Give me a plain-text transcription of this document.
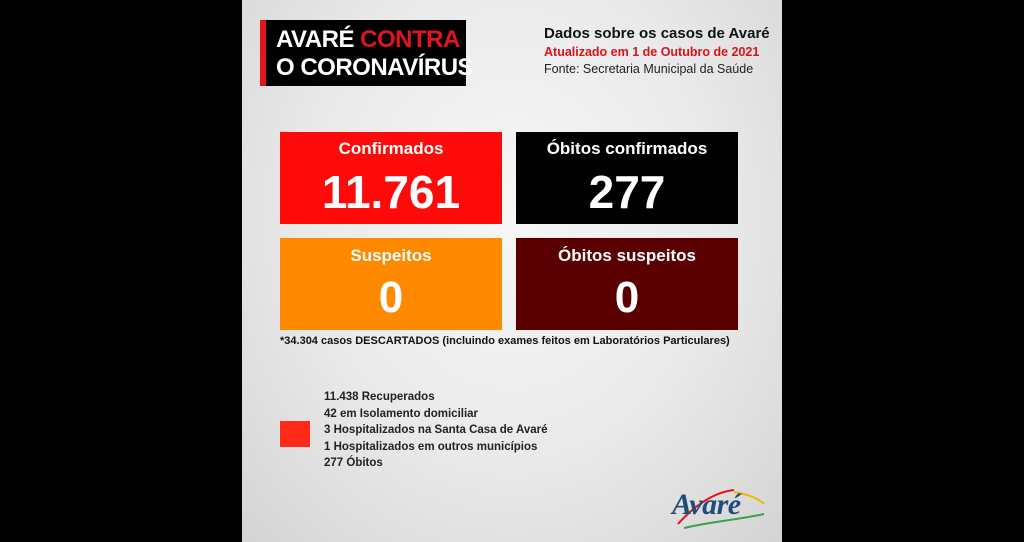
AVARÉ CONTRA
O CORONAVÍRUS
Dados sobre os casos de Avaré
Atualizado em 1 de Outubro de 2021
Fonte: Secretaria Municipal da Saúde
Confirmados
11.761
Óbitos confirmados
277
Suspeitos
0
Óbitos suspeitos
0
*34.304 casos DESCARTADOS (incluindo exames feitos em Laboratórios Particulares)
11.438 Recuperados
42 em Isolamento domiciliar
3 Hospitalizados na Santa Casa de Avaré
1 Hospitalizados em outros municípios
277 Óbitos
Avaré
